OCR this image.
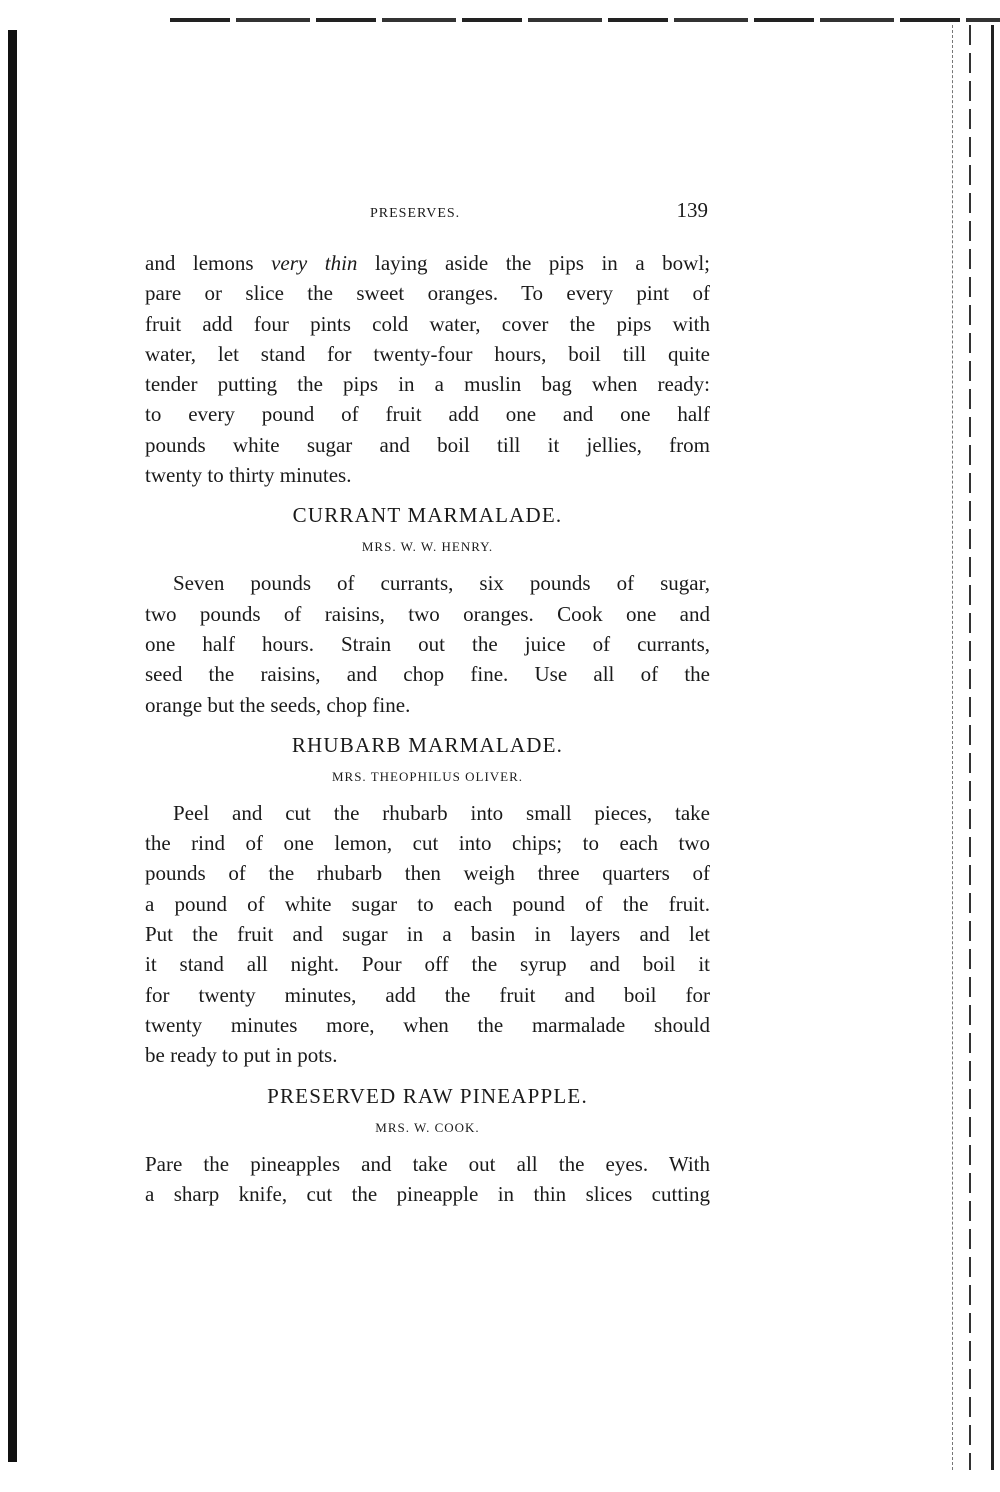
PRESERVES.	139
and lemons very thin laying aside the pips in a bowl;
pare or slice the sweet oranges. To every pint of
fruit add four pints cold water, cover the pips with
water, let stand for twenty-four hours, boil till quite
tender putting the pips in a muslin bag when ready:
to every pound of fruit add one and one half
pounds white sugar and boil till it jellies, from
twenty to thirty minutes.
CURRANT MARMALADE.
MRS. W. W. HENRY.
Seven pounds of currants, six pounds of sugar,
two pounds of raisins, two oranges. Cook one and
one half hours. Strain out the juice of currants,
seed the raisins, and chop fine. Use all of the
orange but the seeds, chop fine.
RHUBARB MARMALADE.
MRS. THEOPHILUS OLIVER.
Peel and cut the rhubarb into small pieces, take
the rind of one lemon, cut into chips; to each two
pounds of the rhubarb then weigh three quarters of
a pound of white sugar to each pound of the fruit.
Put the fruit and sugar in a basin in layers and let
it stand all night. Pour off the syrup and boil it
for twenty minutes, add the fruit and boil for
twenty minutes more, when the marmalade should
be ready to put in pots.
PRESERVED RAW PINEAPPLE.
MRS. W. COOK.
Pare the pineapples and take out all the eyes. With
a sharp knife, cut the pineapple in thin slices cutting
